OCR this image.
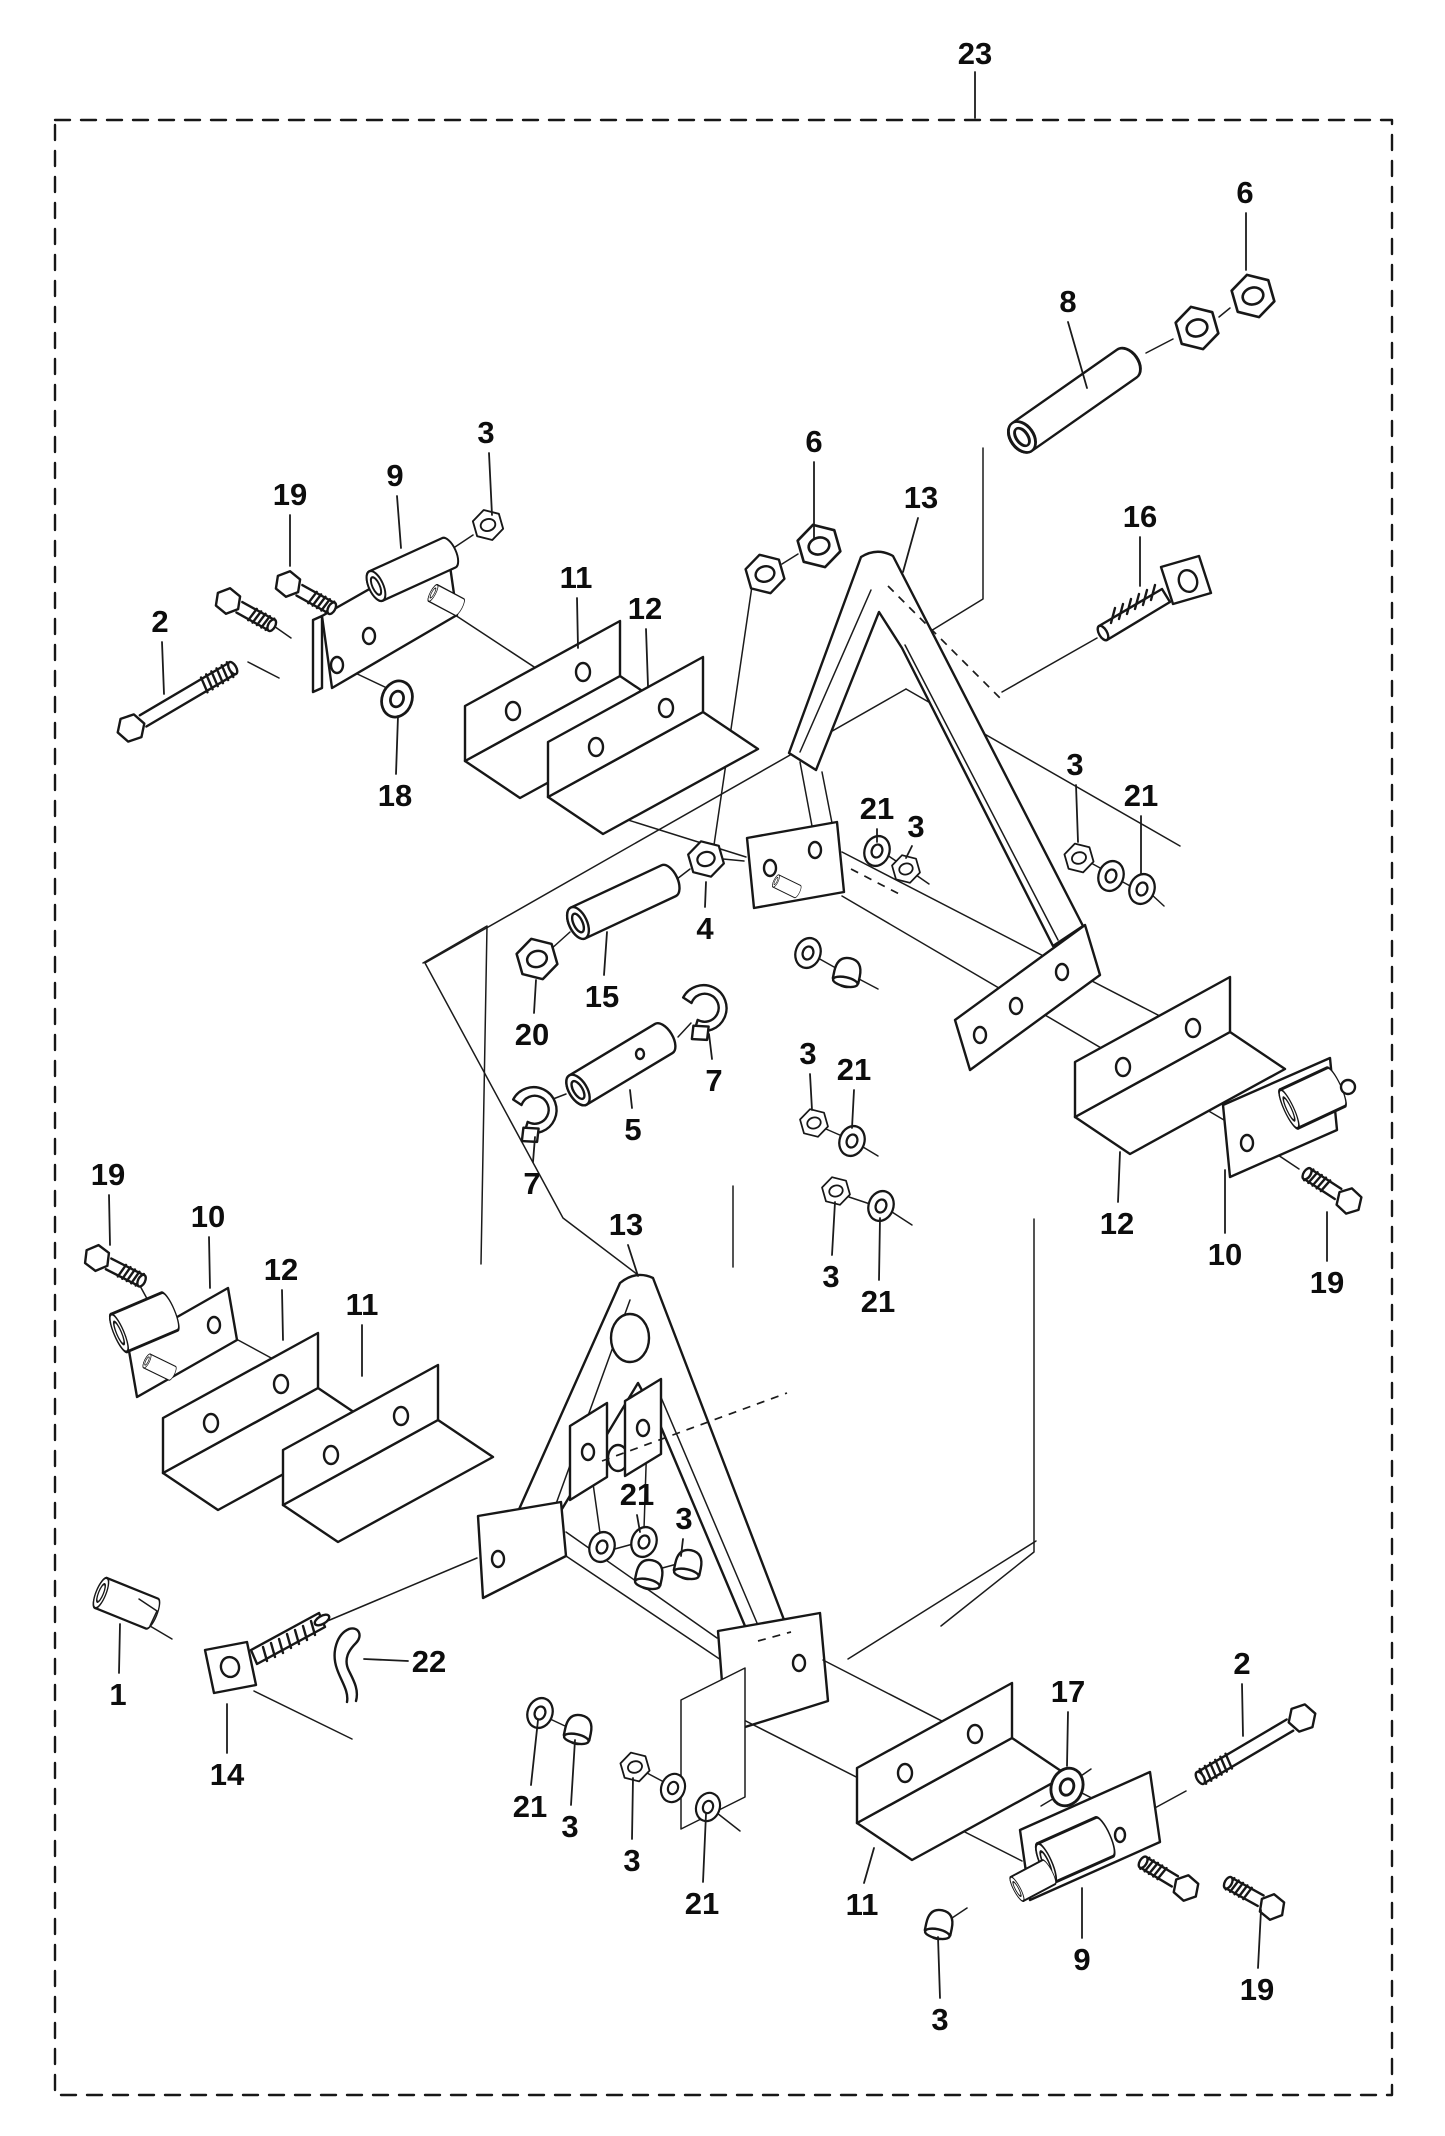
23
6
8
16
13
6
3
9
19
2
18
11
12
3
21
21
3
4
15
20
7
5
7
3 21
3
21
19
10
12
11
13	12
10
19
21
3
1
14
22
21
3
3
21	11
3
17
2
9
19
